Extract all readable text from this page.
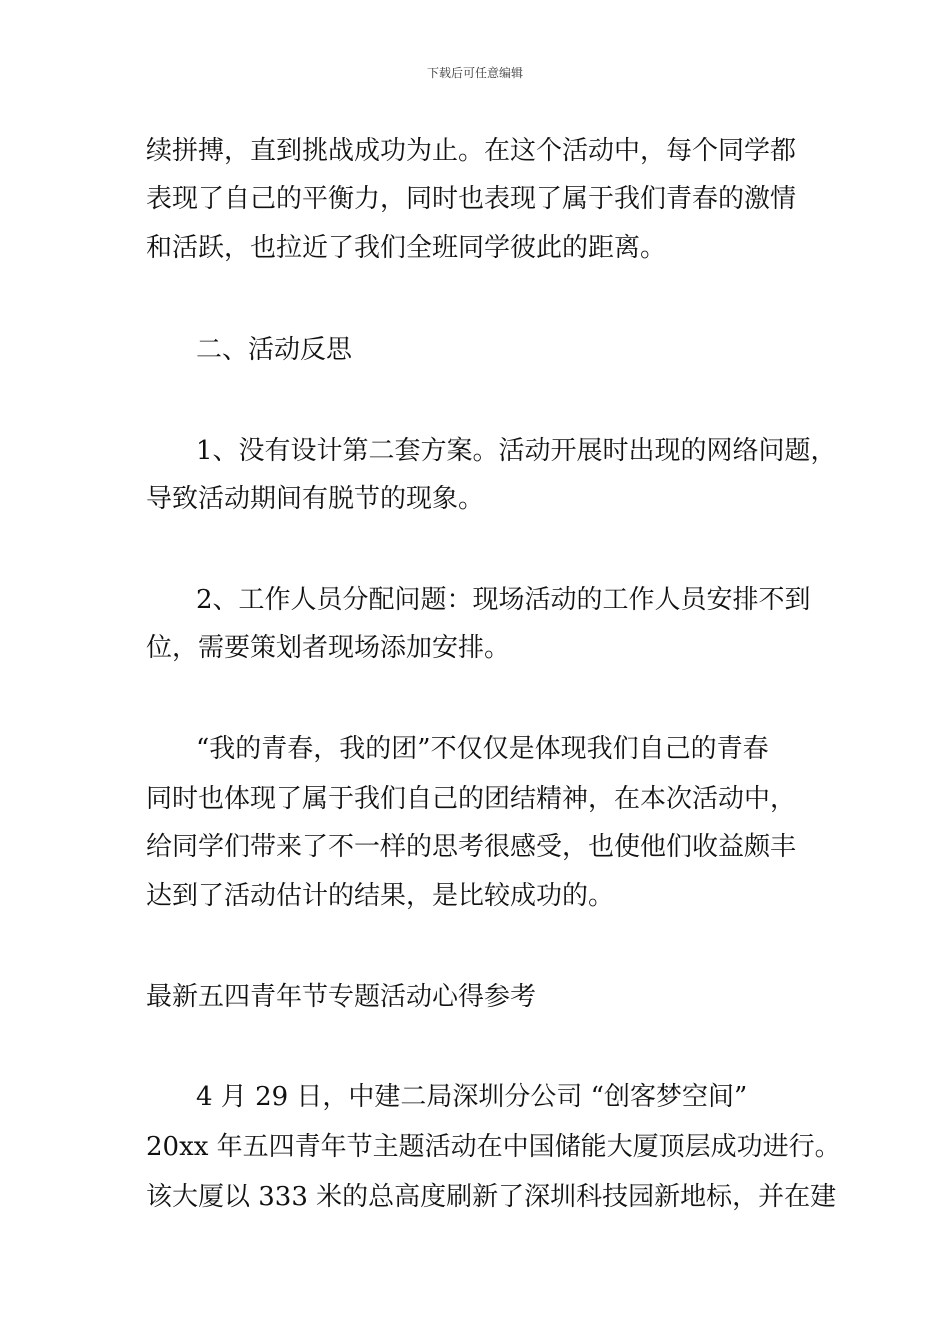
下载后可任意编辑
续拼搏，直到挑战成功为止。在这个活动中，每个同学都
表现了自己的平衡力，同时也表现了属于我们青春的激情
和活跃，也拉近了我们全班同学彼此的距离。
二、活动反思
1、没有设计第二套方案。活动开展时出现的网络问题，
导致活动期间有脱节的现象。
2、工作人员分配问题：现场活动的工作人员安排不到
位，需要策划者现场添加安排。
“我的青春，我的团”不仅仅是体现我们自己的青春
同时也体现了属于我们自己的团结精神，在本次活动中，
给同学们带来了不一样的思考很感受，也使他们收益颇丰
达到了活动估计的结果，是比较成功的。
最新五四青年节专题活动心得参考
4 月 29 日，中建二局深圳分公司 “创客梦空间”
20xx 年五四青年节主题活动在中国储能大厦顶层成功进行。
该大厦以 333 米的总高度刷新了深圳科技园新地标，并在建
